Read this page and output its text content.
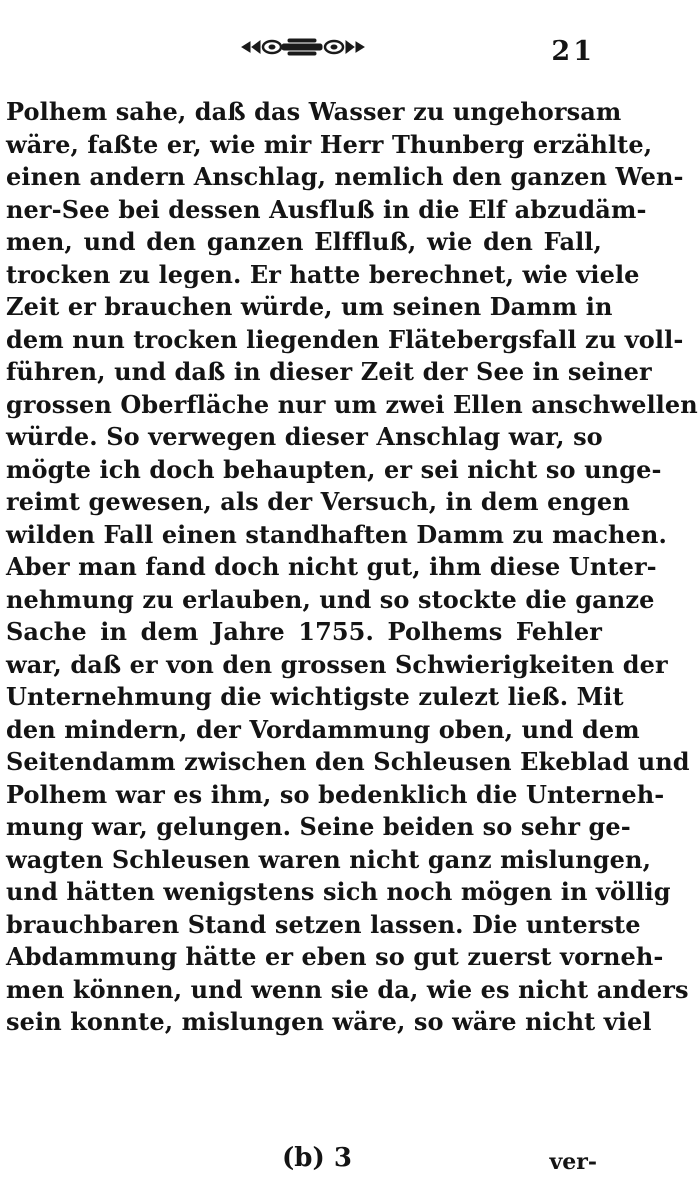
21
Polhem sahe, daß das Wasser zu ungehorsam
wäre, faßte er, wie mir Herr Thunberg erzählte,
einen andern Anschlag, nemlich den ganzen Wen-
ner-See bei dessen Ausfluß in die Elf abzudäm-
men, und den ganzen Elffluß, wie den Fall,
trocken zu legen. Er hatte berechnet, wie viele
Zeit er brauchen würde, um seinen Damm in
dem nun trocken liegenden Flätebergsfall zu voll-
führen, und daß in dieser Zeit der See in seiner
grossen Oberfläche nur um zwei Ellen anschwellen
würde. So verwegen dieser Anschlag war, so
mögte ich doch behaupten, er sei nicht so unge-
reimt gewesen, als der Versuch, in dem engen
wilden Fall einen standhaften Damm zu machen.
Aber man fand doch nicht gut, ihm diese Unter-
nehmung zu erlauben, und so stockte die ganze
Sache in dem Jahre 1755. Polhems Fehler
war, daß er von den grossen Schwierigkeiten der
Unternehmung die wichtigste zulezt ließ. Mit
den mindern, der Vordammung oben, und dem
Seitendamm zwischen den Schleusen Ekeblad und
Polhem war es ihm, so bedenklich die Unterneh-
mung war, gelungen. Seine beiden so sehr ge-
wagten Schleusen waren nicht ganz mislungen,
und hätten wenigstens sich noch mögen in völlig
brauchbaren Stand setzen lassen. Die unterste
Abdammung hätte er eben so gut zuerst vorneh-
men können, und wenn sie da, wie es nicht anders
sein konnte, mislungen wäre, so wäre nicht viel
(b) 3	ver-
